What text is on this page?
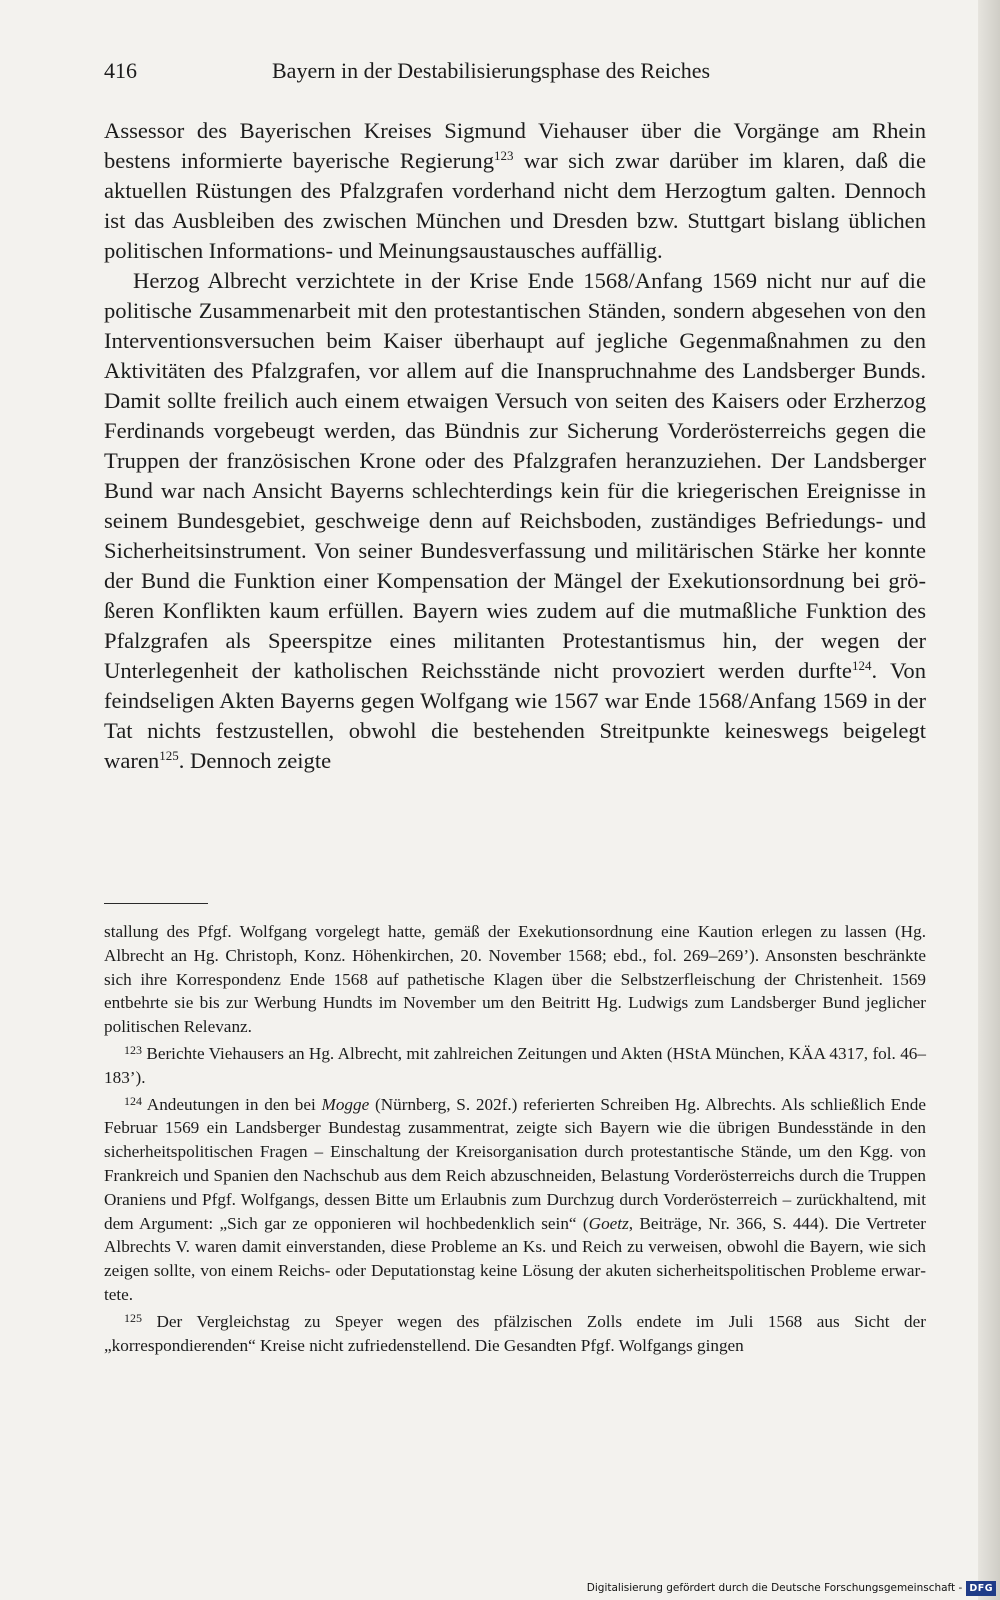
416	Bayern in der Destabilisierungsphase des Reiches

Assessor des Bayerischen Kreises Sigmund Viehauser über die Vorgänge am Rhein bestens informierte bayerische Regierung$^{123}$ war sich zwar darüber im klaren, daß die aktuellen Rüstungen des Pfalzgrafen vorderhand nicht dem Herzogtum galten. Dennoch ist das Ausbleiben des zwischen München und Dresden bzw. Stuttgart bislang üblichen politischen Informations- und Meinungsaustausches auffällig.

Herzog Albrecht verzichtete in der Krise Ende 1568/Anfang 1569 nicht nur auf die politische Zusammenarbeit mit den protestantischen Ständen, sondern abgesehen von den Interventionsversuchen beim Kaiser überhaupt auf jegliche Gegenmaßnahmen zu den Aktivitäten des Pfalzgrafen, vor allem auf die Inanspruchnahme des Landsberger Bunds. Damit sollte freilich auch einem etwaigen Versuch von seiten des Kaisers oder Erzherzog Ferdinands vorgebeugt werden, das Bündnis zur Sicherung Vorderösterreichs gegen die Truppen der französischen Krone oder des Pfalzgrafen heranzuziehen. Der Landsberger Bund war nach Ansicht Bayerns schlechterdings kein für die kriegerischen Ereignisse in seinem Bundesgebiet, geschweige denn auf Reichsboden, zuständiges Befriedungs- und Sicherheitsinstrument. Von seiner Bundesverfassung und militärischen Stärke her konnte der Bund die Funktion einer Kompensation der Mängel der Exekutionsordnung bei größeren Konflikten kaum erfüllen. Bayern wies zudem auf die mutmaßliche Funktion des Pfalzgrafen als Speerspitze eines militanten Protestantismus hin, der wegen der Unterlegenheit der katholischen Reichsstände nicht provoziert werden durfte$^{124}$. Von feindseligen Akten Bayerns gegen Wolfgang wie 1567 war Ende 1568/Anfang 1569 in der Tat nichts festzustellen, obwohl die bestehenden Streitpunkte keineswegs beigelegt waren$^{125}$. Dennoch zeigte

stallung des Pfgf. Wolfgang vorgelegt hatte, gemäß der Exekutionsordnung eine Kaution erlegen zu lassen (Hg. Albrecht an Hg. Christoph, Konz. Höhenkirchen, 20. November 1568; ebd., fol. 269–269’). Ansonsten beschränkte sich ihre Korrespondenz Ende 1568 auf pathetische Klagen über die Selbstzerfleischung der Christenheit. 1569 entbehrte sie bis zur Werbung Hundts im November um den Beitritt Hg. Ludwigs zum Landsberger Bund jeglicher politischen Relevanz.

$^{123}$ Berichte Viehausers an Hg. Albrecht, mit zahlreichen Zeitungen und Akten (HStA München, KÄA 4317, fol. 46–183’).

$^{124}$ Andeutungen in den bei Mogge (Nürnberg, S. 202f.) referierten Schreiben Hg. Albrechts. Als schließlich Ende Februar 1569 ein Landsberger Bundestag zusammentrat, zeigte sich Bayern wie die übrigen Bundesstände in den sicherheitspolitischen Fragen – Einschaltung der Kreisorganisation durch protestantische Stände, um den Kgg. von Frankreich und Spanien den Nachschub aus dem Reich abzuschneiden, Belastung Vorderösterreichs durch die Truppen Oraniens und Pfgf. Wolfgangs, dessen Bitte um Erlaubnis zum Durchzug durch Vorderösterreich – zurückhaltend, mit dem Argument: „Sich gar ze opponieren wil hochbedenklich sein“ (Goetz, Beiträge, Nr. 366, S. 444). Die Vertreter Albrechts V. waren damit einverstanden, diese Probleme an Ks. und Reich zu verweisen, obwohl die Bayern, wie sich zeigen sollte, von einem Reichs- oder Deputationstag keine Lösung der akuten sicherheitspolitischen Probleme erwartete.

$^{125}$ Der Vergleichstag zu Speyer wegen des pfälzischen Zolls endete im Juli 1568 aus Sicht der „korrespondierenden“ Kreise nicht zufriedenstellend. Die Gesandten Pfgf. Wolfgangs gingen

Digitalisierung gefördert durch die Deutsche Forschungsgemeinschaft - DFG
